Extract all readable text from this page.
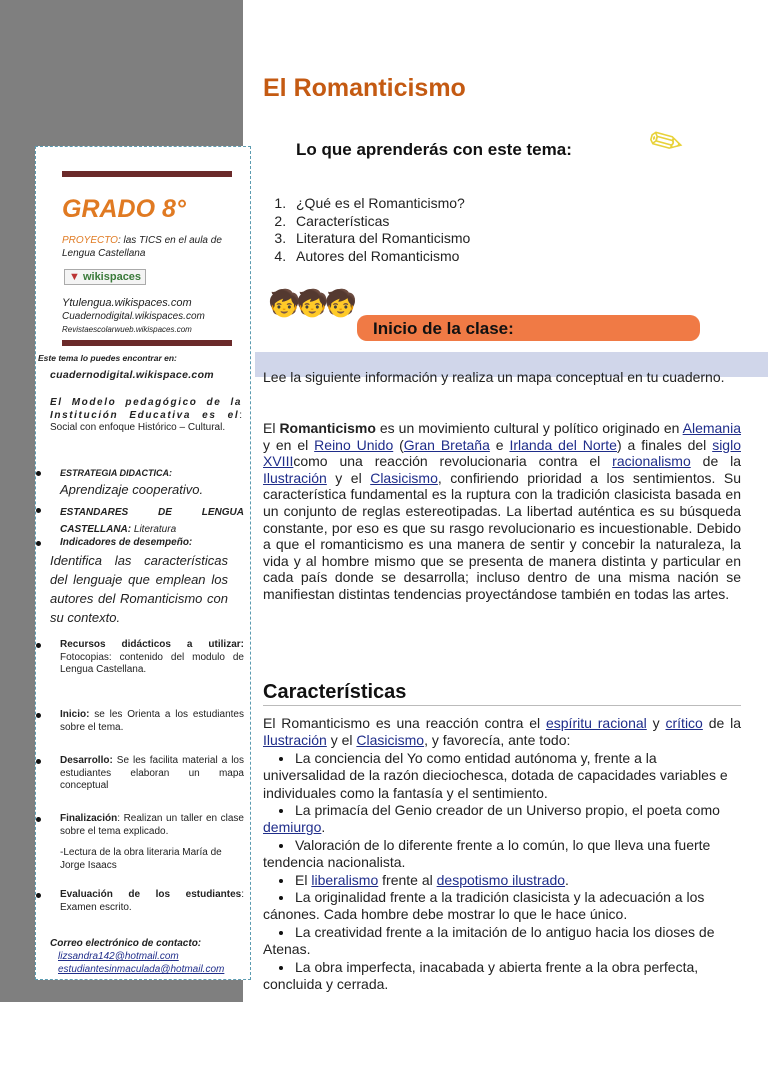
GRADO 8°
PROYECTO: las TICS en el aula de Lengua Castellana
▼ wikispaces
Ytulengua.wikispaces.com
Cuadernodigital.wikispaces.com
Revistaescolarwueb.wikispaces.com
Este tema lo puedes encontrar en:
cuadernodigital.wikispace.com
El Modelo pedagógico de la Institución Educativa es el: Social con enfoque Histórico – Cultural.
ESTRATEGIA DIDACTICA:
Aprendizaje cooperativo.
ESTANDARES DE LENGUA CASTELLANA: Literatura
Indicadores de desempeño:
Identifica las características del lenguaje que emplean los autores del Romanticismo con su contexto.
Recursos didácticos a utilizar: Fotocopias: contenido del modulo de Lengua Castellana.
Inicio: se les Orienta a los estudiantes sobre el tema.
Desarrollo: Se les facilita material a los estudiantes elaboran un mapa conceptual
Finalización: Realizan un taller en clase sobre el tema explicado.
-Lectura de la obra literaria María de Jorge Isaacs
Evaluación de los estudiantes: Examen escrito.
Correo electrónico de contacto:
lizsandra142@hotmail.com
estudiantesinmaculada@hotmail.com
El Romanticismo
Lo que aprenderás con este tema: ✎
1. ¿Qué es el Romanticismo?
2. Características
3. Literatura del Romanticismo
4. Autores del Romanticismo
🧒🧒🧒
Inicio de la clase:
Lee la siguiente información y realiza un mapa conceptual en tu cuaderno.
El Romanticismo es un movimiento cultural y político originado en Alemania y en el Reino Unido (Gran Bretaña e Irlanda del Norte) a finales del siglo XVIIIcomo una reacción revolucionaria contra el racionalismo de la Ilustración y el Clasicismo, confiriendo prioridad a los sentimientos. Su característica fundamental es la ruptura con la tradición clasicista basada en un conjunto de reglas estereotipadas. La libertad auténtica es su búsqueda constante, por eso es que su rasgo revolucionario es incuestionable. Debido a que el romanticismo es una manera de sentir y concebir la naturaleza, la vida y al hombre mismo que se presenta de manera distinta y particular en cada país donde se desarrolla; incluso dentro de una misma nación se manifiestan distintas tendencias proyectándose también en todas las artes.
Características
El Romanticismo es una reacción contra el espíritu racional y crítico de la Ilustración y el Clasicismo, y favorecía, ante todo:
La conciencia del Yo como entidad autónoma y, frente a la universalidad de la razón dieciochesca, dotada de capacidades variables e individuales como la fantasía y el sentimiento.
La primacía del Genio creador de un Universo propio, el poeta como demiurgo.
Valoración de lo diferente frente a lo común, lo que lleva una fuerte tendencia nacionalista.
El liberalismo frente al despotismo ilustrado.
La originalidad frente a la tradición clasicista y la adecuación a los cánones. Cada hombre debe mostrar lo que le hace único.
La creatividad frente a la imitación de lo antiguo hacia los dioses de Atenas.
La obra imperfecta, inacabada y abierta frente a la obra perfecta, concluida y cerrada.
